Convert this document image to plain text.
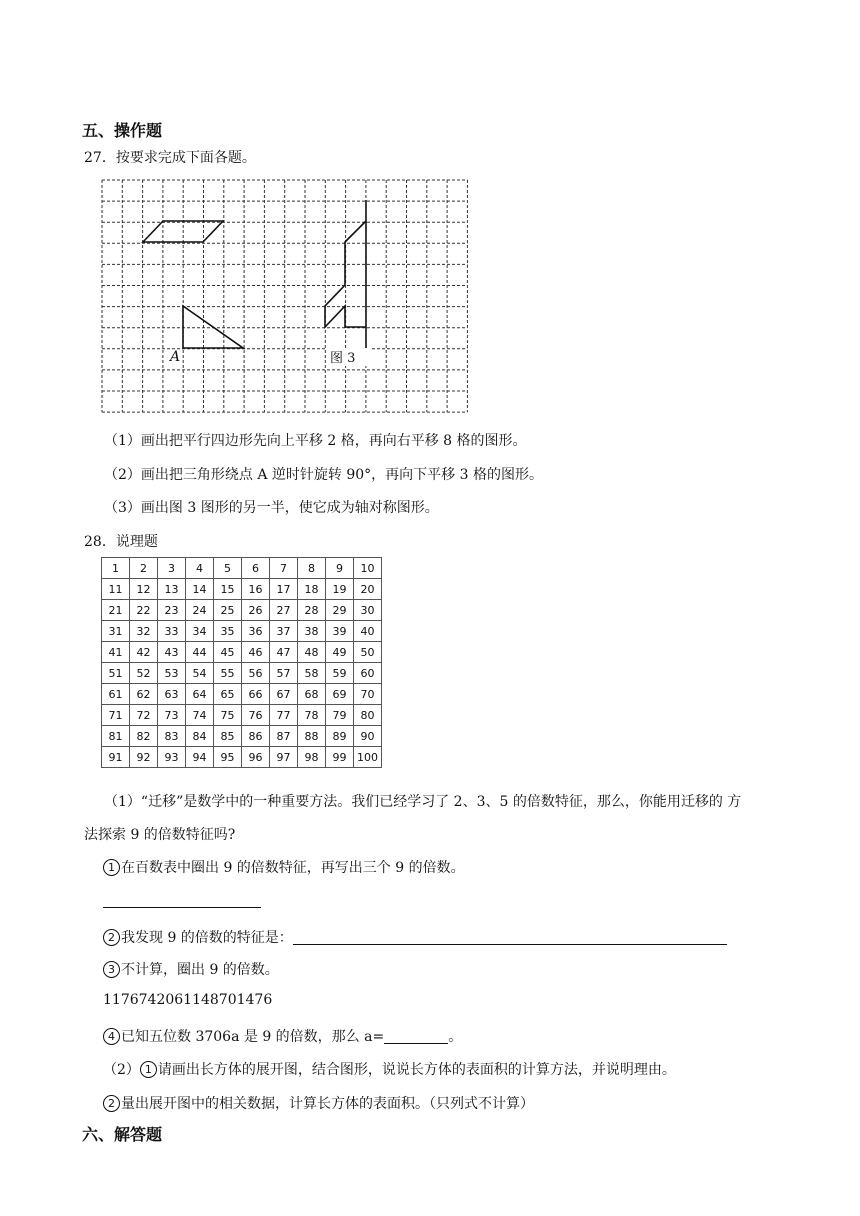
五、操作题
27．按要求完成下面各题。
A	图 3
（1）画出把平行四边形先向上平移 2 格，再向右平移 8 格的图形。
（2）画出把三角形绕点 A 逆时针旋转 90°，再向下平移 3 格的图形。
（3）画出图 3 图形的另一半，使它成为轴对称图形。
28．说理题
1	2	3	4	5	6	7	8	9	10
11	12	13	14	15	16	17	18	19	20
21	22	23	24	25	26	27	28	29	30
31	32	33	34	35	36	37	38	39	40
41	42	43	44	45	46	47	48	49	50
51	52	53	54	55	56	57	58	59	60
61	62	63	64	65	66	67	68	69	70
71	72	73	74	75	76	77	78	79	80
81	82	83	84	85	86	87	88	89	90
91	92	93	94	95	96	97	98	99	100
（1）“迁移”是数学中的一种重要方法。我们已经学习了 2、3、5 的倍数特征，那么，你能用迁移的 方
法探索 9 的倍数特征吗?
1 在百数表中圈出 9 的倍数特征，再写出三个 9 的倍数。
2 我发现 9 的倍数的特征是：
3 不计算，圈出 9 的倍数。
1176742061148701476
4 已知五位数 3706a 是 9 的倍数，那么 a=	。
（2） 1 请画出长方体的展开图，结合图形，说说长方体的表面积的计算方法，并说明理由。
2 量出展开图中的相关数据，计算长方体的表面积。（只列式不计算）
六、解答题
